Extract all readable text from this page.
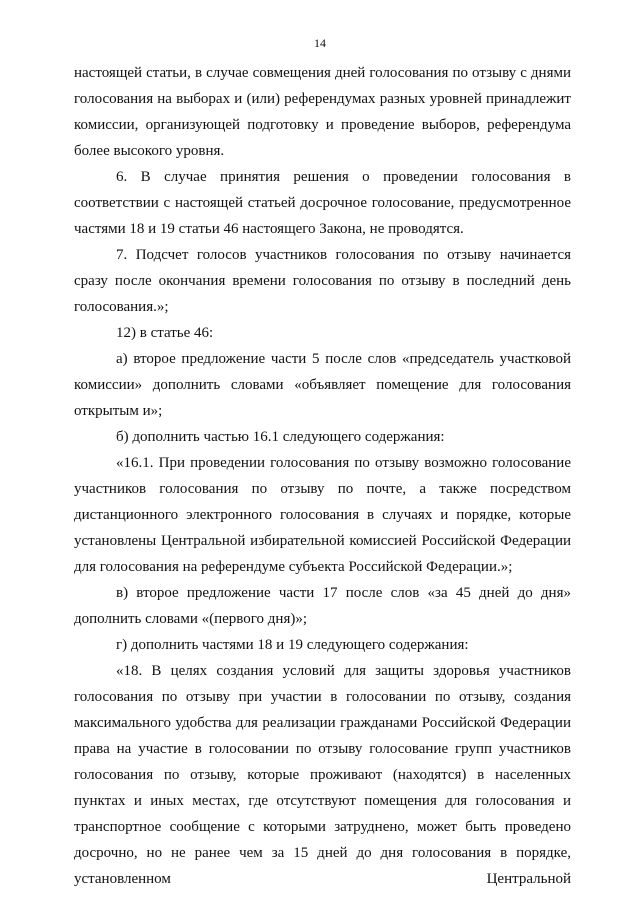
14

настоящей статьи, в случае совмещения дней голосования по отзыву с днями голосования на выборах и (или) референдумах разных уровней принадлежит комиссии, организующей подготовку и проведение выборов, референдума более высокого уровня.

6. В случае принятия решения о проведении голосования в соответствии с настоящей статьей досрочное голосование, предусмотренное частями 18 и 19 статьи 46 настоящего Закона, не проводятся.

7. Подсчет голосов участников голосования по отзыву начинается сразу после окончания времени голосования по отзыву в последний день голосования.»;

12) в статье 46:

а) второе предложение части 5 после слов «председатель участковой комиссии» дополнить словами «объявляет помещение для голосования открытым и»;

б) дополнить частью 16.1 следующего содержания:

«16.1. При проведении голосования по отзыву возможно голосование участников голосования по отзыву по почте, а также посредством дистанционного электронного голосования в случаях и порядке, которые установлены Центральной избирательной комиссией Российской Федерации для голосования на референдуме субъекта Российской Федерации.»;

в) второе предложение части 17 после слов «за 45 дней до дня» дополнить словами «(первого дня)»;

г) дополнить частями 18 и 19 следующего содержания:

«18. В целях создания условий для защиты здоровья участников голосования по отзыву при участии в голосовании по отзыву, создания максимального удобства для реализации гражданами Российской Федерации права на участие в голосовании по отзыву голосование групп участников голосования по отзыву, которые проживают (находятся) в населенных пунктах и иных местах, где отсутствуют помещения для голосования и транспортное сообщение с которыми затруднено, может быть проведено досрочно, но не ранее чем за 15 дней до дня голосования в порядке, установленном Центральной
